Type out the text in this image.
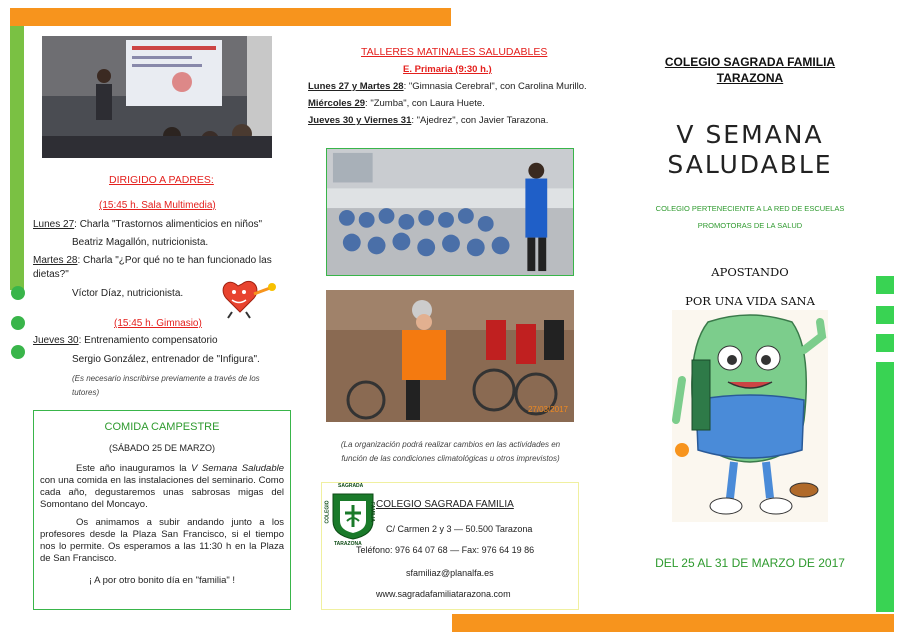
DIRIGIDO A PADRES:
(15:45 h. Sala Multimedia)
Lunes 27: Charla "Trastornos alimenticios en niños"
Beatriz Magallón, nutricionista.
Martes 28: Charla "¿Por qué no te han funcionado las dietas?"
Víctor Díaz, nutricionista.
(15:45 h. Gimnasio)
Jueves 30: Entrenamiento compensatorio
Sergio González, entrenador de "Infigura".
(Es necesario inscribirse previamente a través de los tutores)
COMIDA CAMPESTRE
(SÁBADO 25 DE MARZO)
Este año inauguramos la V Semana Saludable con una comida en las instalaciones del seminario. Como cada año, degustaremos unas sabrosas migas del Somontano del Moncayo.
Os animamos a subir andando junto a los profesores desde la Plaza San Francisco, si el tiempo nos lo permite. Os esperamos a las 11:30 h en la Plaza de San Francisco.
¡ A por otro bonito día en "familia" !
TALLERES MATINALES SALUDABLES
E. Primaria (9:30 h.)
Lunes 27 y Martes 28: "Gimnasia Cerebral", con Carolina Murillo.
Miércoles 29: "Zumba", con Laura Huete.
Jueves 30 y Viernes 31: "Ajedrez", con Javier Tarazona.
27/03/2017
(La organización podrá realizar cambios en las actividades en función de las condiciones climatológicas u otros imprevistos)
SAGRADA
COLEGIO	FAMILIA
TARAZONA
COLEGIO SAGRADA FAMILIA
C/ Carmen 2 y 3 — 50.500 Tarazona
Teléfono: 976 64 07 68 — Fax: 976 64 19 86
sfamiliaz@planalfa.es
www.sagradafamiliatarazona.com
COLEGIO SAGRADA FAMILIA
TARAZONA
V SEMANA
SALUDABLE
COLEGIO PERTENECIENTE A LA RED DE ESCUELAS
PROMOTORAS DE LA SALUD
APOSTANDO
POR UNA VIDA SANA
DEL 25 AL 31 DE MARZO DE 2017
